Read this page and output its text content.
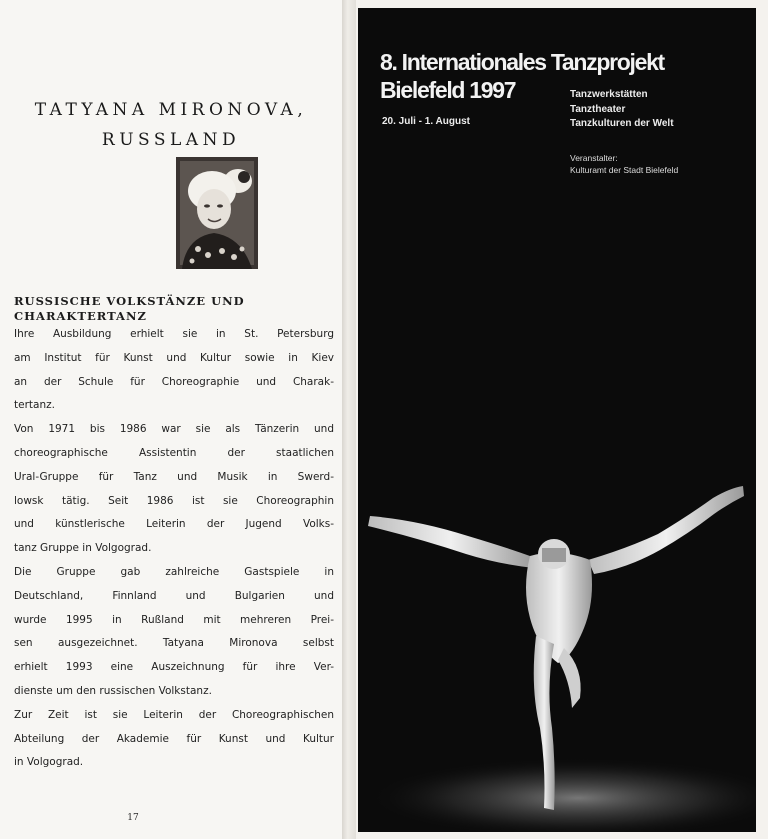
TATYANA MIRONOVA,
RUSSLAND
RUSSISCHE VOLKSTÄNZE UND
CHARAKTERTANZ
Ihre Ausbildung erhielt sie in St. Petersburg
am Institut für Kunst und Kultur sowie in Kiev
an der Schule für Choreographie und Charak-
tertanz.
Von 1971 bis 1986 war sie als Tänzerin und
choreographische Assistentin der staatlichen
Ural-Gruppe für Tanz und Musik in Swerd-
lowsk tätig. Seit 1986 ist sie Choreographin
und künstlerische Leiterin der Jugend Volks-
tanz Gruppe in Volgograd.
Die Gruppe gab zahlreiche Gastspiele in
Deutschland, Finnland und Bulgarien und
wurde 1995 in Rußland mit mehreren Prei-
sen ausgezeichnet. Tatyana Mironova selbst
erhielt 1993 eine Auszeichnung für ihre Ver-
dienste um den russischen Volkstanz.
Zur Zeit ist sie Leiterin der Choreographischen
Abteilung der Akademie für Kunst und Kultur
in Volgograd.
17
8. Internationales Tanzprojekt
Bielefeld 1997
20. Juli - 1. August
Tanzwerkstätten
Tanztheater
Tanzkulturen der Welt
Veranstalter:
Kulturamt der Stadt Bielefeld
